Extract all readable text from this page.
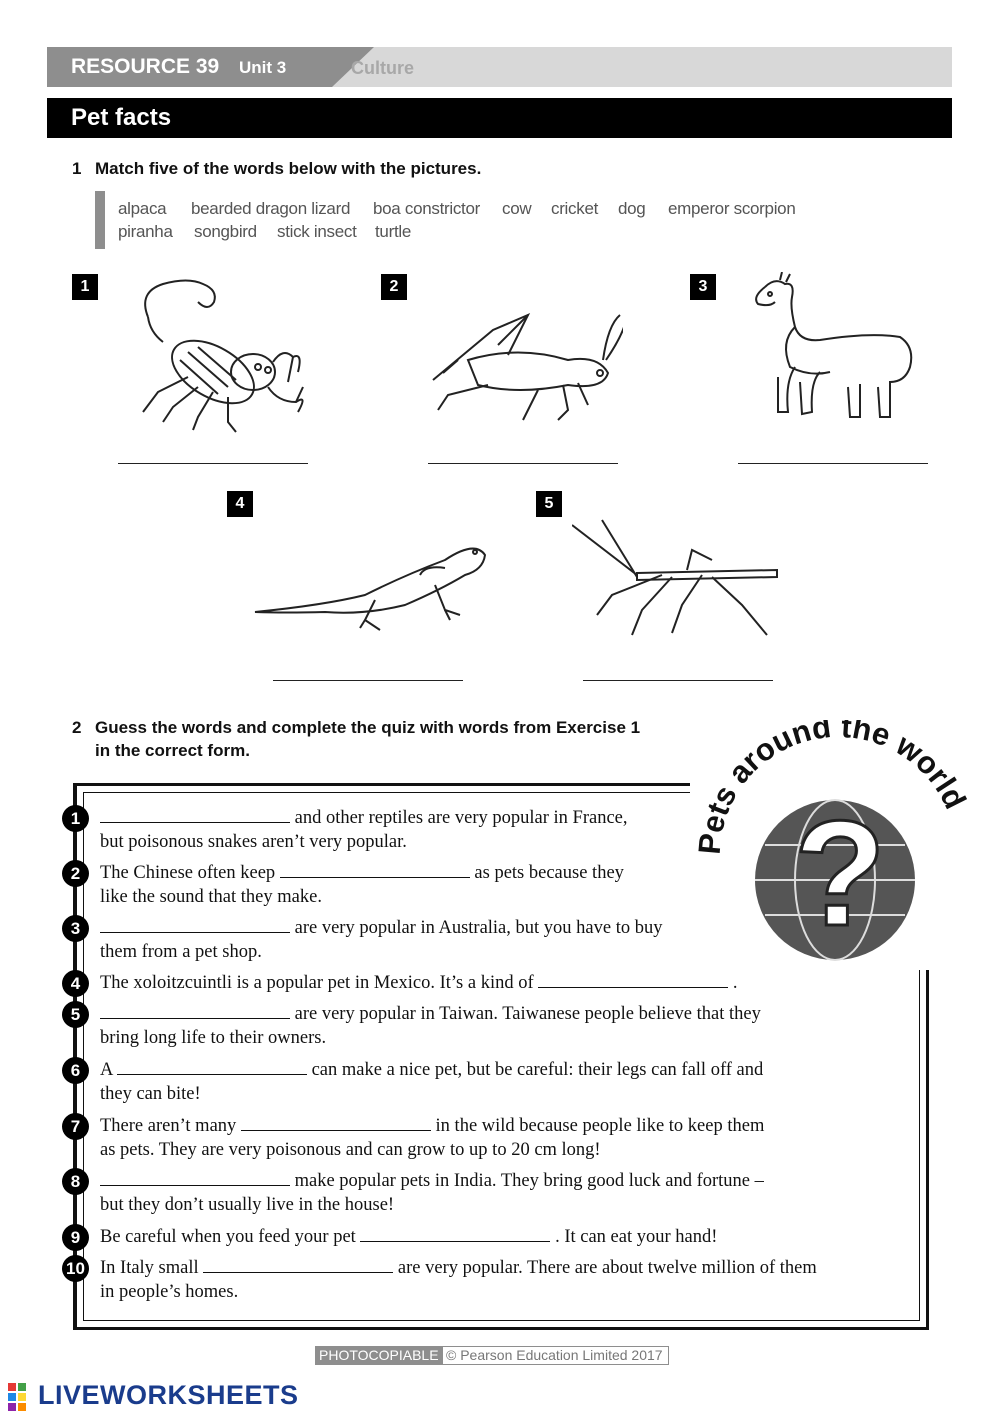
RESOURCE 39 Unit 3	Culture
Pet facts
1 Match five of the words below with the pictures.
alpaca bearded dragon lizard boa constrictor cow cricket dog emperor scorpion
piranha songbird stick insect turtle
1	2	3
4	5
2 Guess the words and complete the quiz with words from Exercise 1
in the correct form.
?
Pets around the world
1	and other reptiles are very popular in France,
but poisonous snakes aren’t very popular.
2	The Chinese often keep	as pets because they
like the sound that they make.
3	are very popular in Australia, but you have to buy
them from a pet shop.
4	The xoloitzcuintli is a popular pet in Mexico. It’s a kind of	.
5	are very popular in Taiwan. Taiwanese people believe that they
bring long life to their owners.
6	A	can make a nice pet, but be careful: their legs can fall off and
they can bite!
7	There aren’t many	in the wild because people like to keep them
as pets. They are very poisonous and can grow to up to 20 cm long!
8	make popular pets in India. They bring good luck and fortune –
but they don’t usually live in the house!
9	Be careful when you feed your pet	. It can eat your hand!
10 In Italy small	are very popular. There are about twelve million of them
in people’s homes.
PHOTOCOPIABLE © Pearson Education Limited 2017
LIVEWORKSHEETS
